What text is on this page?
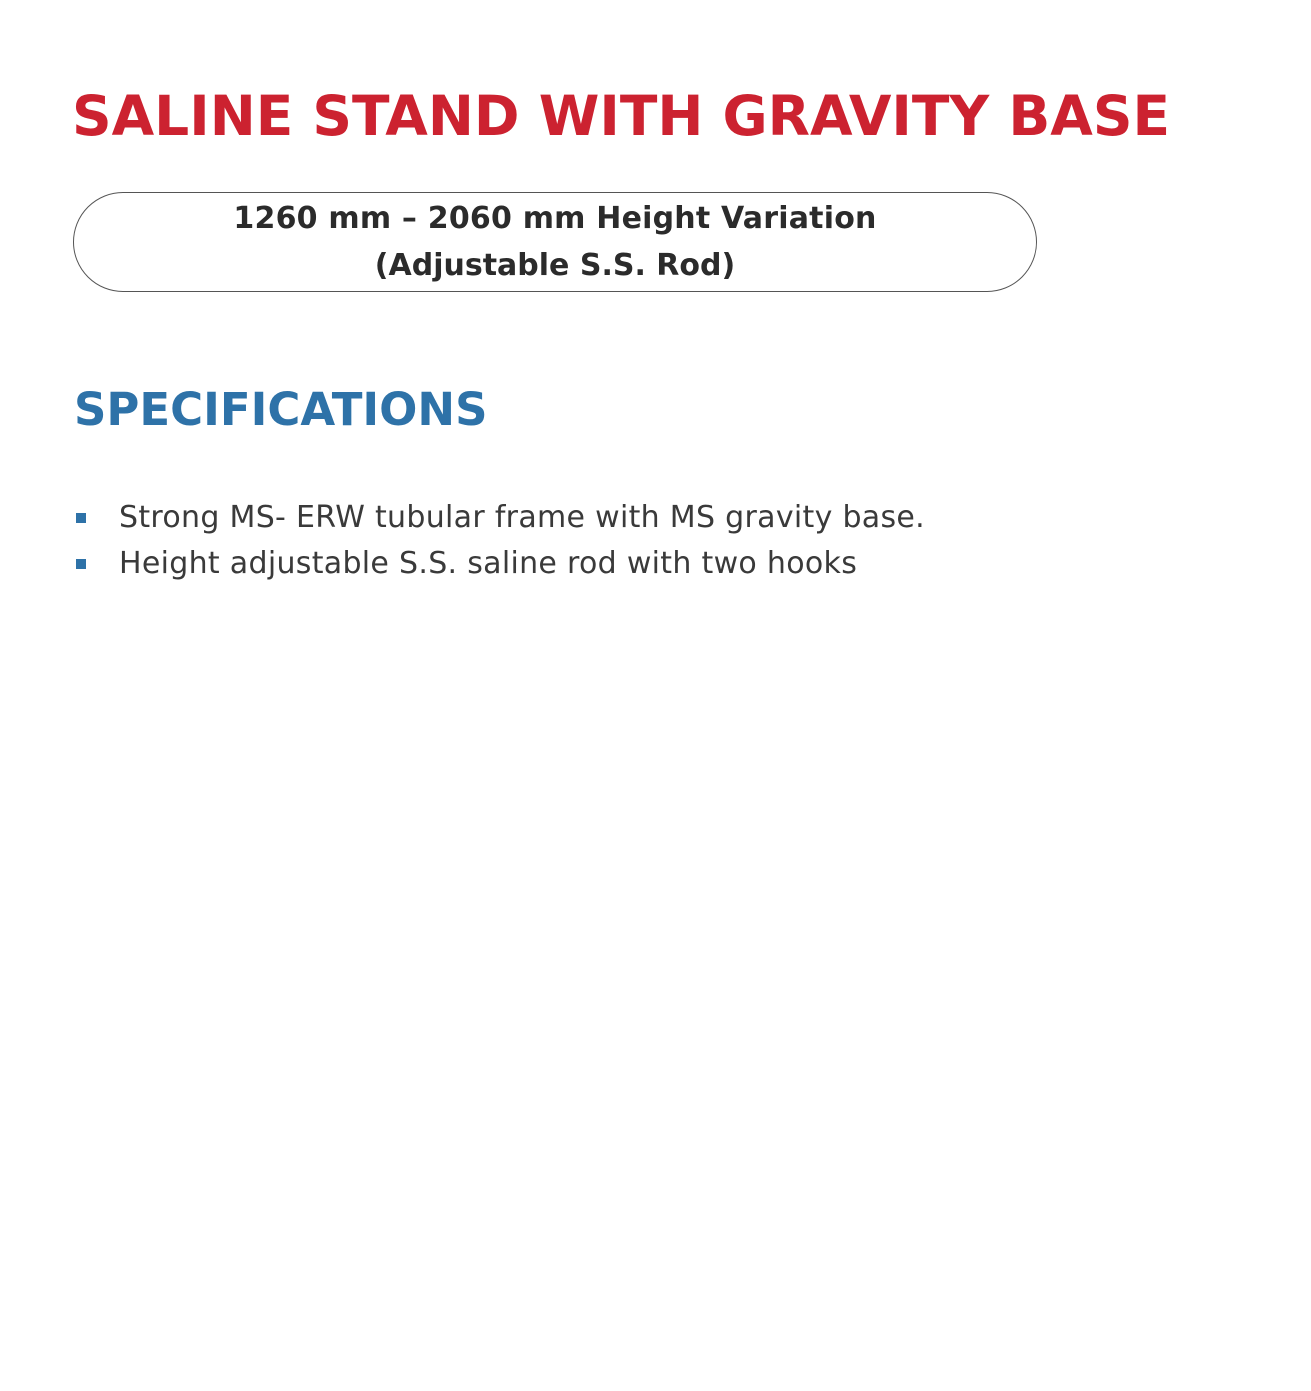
SALINE STAND WITH GRAVITY BASE
1260 mm – 2060 mm Height Variation
(Adjustable S.S. Rod)
SPECIFICATIONS
Strong MS- ERW tubular frame with MS gravity base.
Height adjustable S.S. saline rod with two hooks
